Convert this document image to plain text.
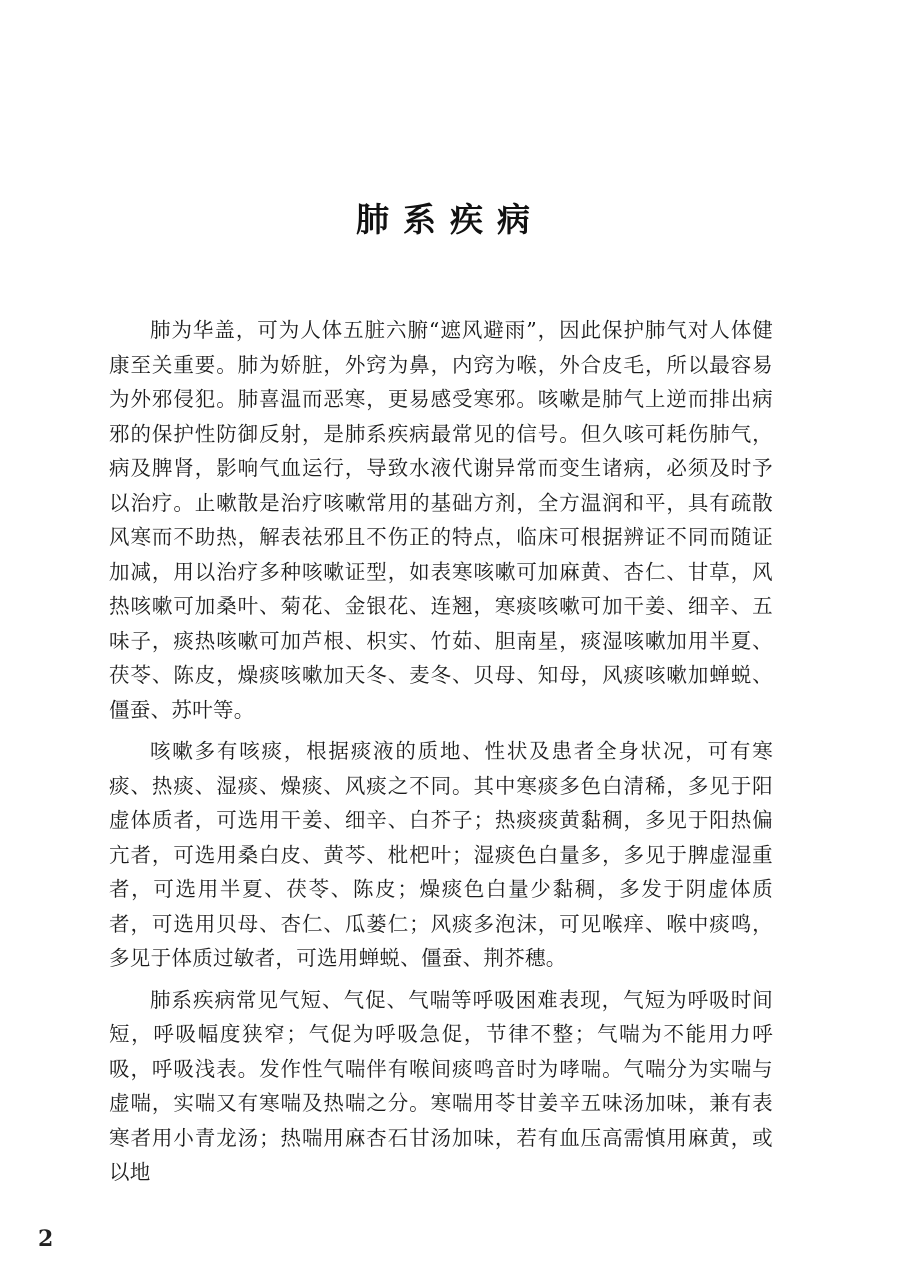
肺系疾病

肺为华盖，可为人体五脏六腑“遮风避雨”，因此保护肺气对人体健康至关重要。肺为娇脏，外窍为鼻，内窍为喉，外合皮毛，所以最容易为外邪侵犯。肺喜温而恶寒，更易感受寒邪。咳嗽是肺气上逆而排出病邪的保护性防御反射，是肺系疾病最常见的信号。但久咳可耗伤肺气，病及脾肾，影响气血运行，导致水液代谢异常而变生诸病，必须及时予以治疗。止嗽散是治疗咳嗽常用的基础方剂，全方温润和平，具有疏散风寒而不助热，解表祛邪且不伤正的特点，临床可根据辨证不同而随证加减，用以治疗多种咳嗽证型，如表寒咳嗽可加麻黄、杏仁、甘草，风热咳嗽可加桑叶、菊花、金银花、连翘，寒痰咳嗽可加干姜、细辛、五味子，痰热咳嗽可加芦根、枳实、竹茹、胆南星，痰湿咳嗽加用半夏、茯苓、陈皮，燥痰咳嗽加天冬、麦冬、贝母、知母，风痰咳嗽加蝉蜕、僵蚕、苏叶等。

咳嗽多有咳痰，根据痰液的质地、性状及患者全身状况，可有寒痰、热痰、湿痰、燥痰、风痰之不同。其中寒痰多色白清稀，多见于阳虚体质者，可选用干姜、细辛、白芥子；热痰痰黄黏稠，多见于阳热偏亢者，可选用桑白皮、黄芩、枇杷叶；湿痰色白量多，多见于脾虚湿重者，可选用半夏、茯苓、陈皮；燥痰色白量少黏稠，多发于阴虚体质者，可选用贝母、杏仁、瓜蒌仁；风痰多泡沫，可见喉痒、喉中痰鸣，多见于体质过敏者，可选用蝉蜕、僵蚕、荆芥穗。

肺系疾病常见气短、气促、气喘等呼吸困难表现，气短为呼吸时间短，呼吸幅度狭窄；气促为呼吸急促，节律不整；气喘为不能用力呼吸，呼吸浅表。发作性气喘伴有喉间痰鸣音时为哮喘。气喘分为实喘与虚喘，实喘又有寒喘及热喘之分。寒喘用苓甘姜辛五味汤加味，兼有表寒者用小青龙汤；热喘用麻杏石甘汤加味，若有血压高需慎用麻黄，或以地

2
